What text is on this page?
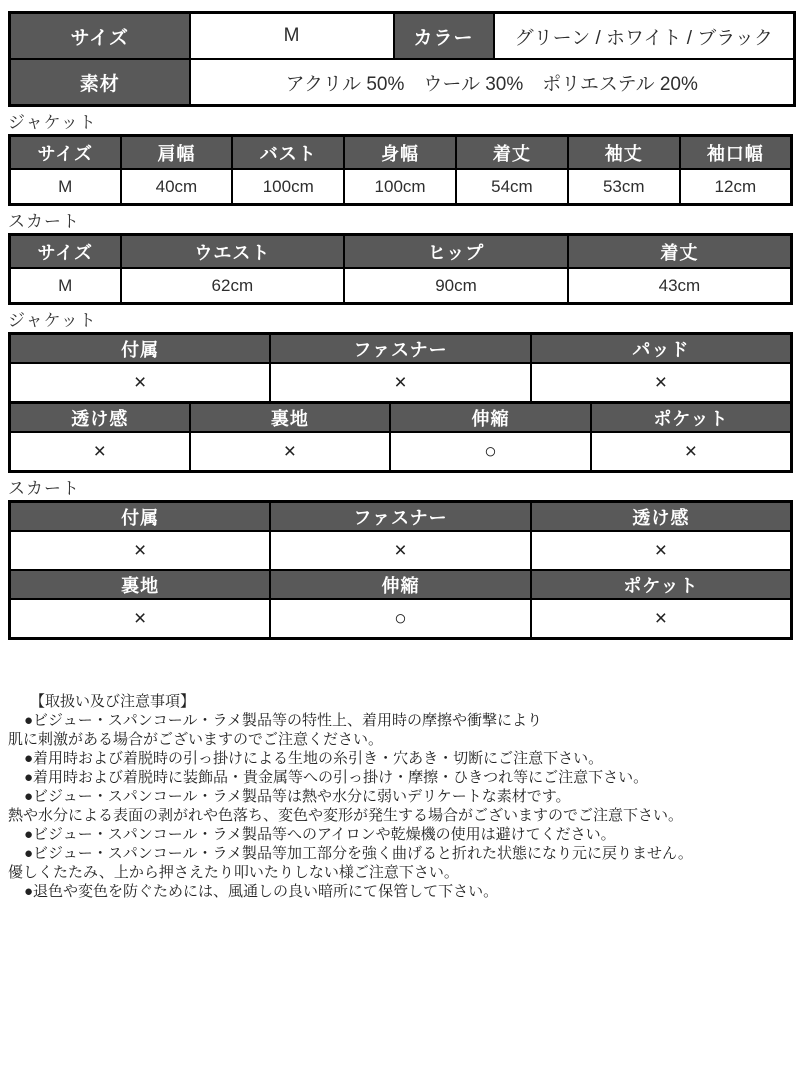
サイズ	M	カラー	グリーン / ホワイト / ブラック
素材	アクリル 50%　ウール 30%　ポリエステル 20%		
ジャケット
サイズ	肩幅	バスト	身幅	着丈	袖丈	袖口幅
M	40cm	100cm	100cm	54cm	53cm	12cm
スカート
サイズ	ウエスト	ヒップ	着丈
M	62cm	90cm	43cm
ジャケット
付属	ファスナー	パッド
×	×	×
透け感	裏地	伸縮	ポケット
×	×	○	×
スカート
付属	ファスナー	透け感
×	×	×
裏地	伸縮	ポケット
×	○	×
【取扱い及び注意事項】
●ビジュー・スパンコール・ラメ製品等の特性上、着用時の摩擦や衝撃により
肌に刺激がある場合がございますのでご注意ください。
●着用時および着脱時の引っ掛けによる生地の糸引き・穴あき・切断にご注意下さい。
●着用時および着脱時に装飾品・貴金属等への引っ掛け・摩擦・ひきつれ等にご注意下さい。
●ビジュー・スパンコール・ラメ製品等は熱や水分に弱いデリケートな素材です。
熱や水分による表面の剥がれや色落ち、変色や変形が発生する場合がございますのでご注意下さい。
●ビジュー・スパンコール・ラメ製品等へのアイロンや乾燥機の使用は避けてください。
●ビジュー・スパンコール・ラメ製品等加工部分を強く曲げると折れた状態になり元に戻りません。
優しくたたみ、上から押さえたり叩いたりしない様ご注意下さい。
●退色や変色を防ぐためには、風通しの良い暗所にて保管して下さい。
